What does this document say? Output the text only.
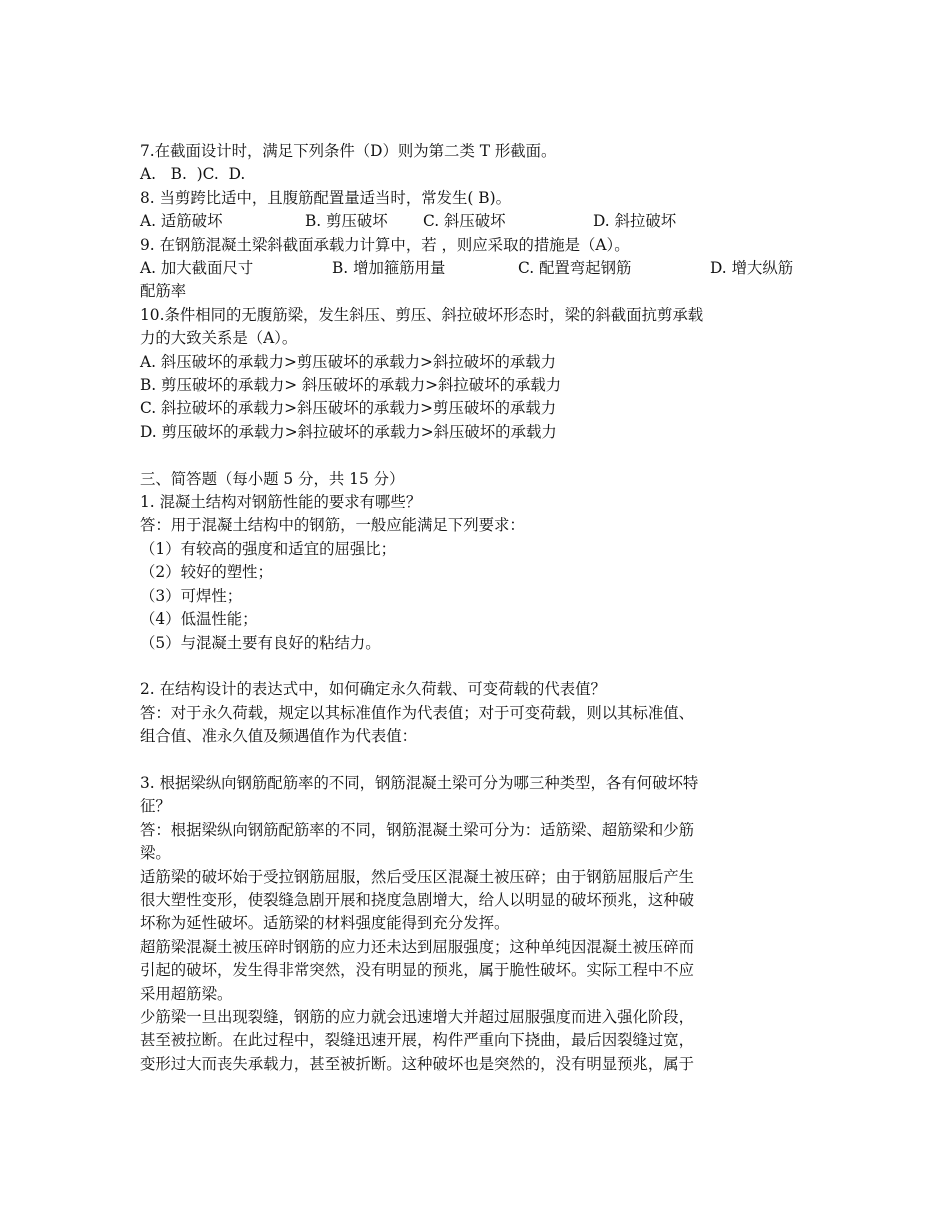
7.在截面设计时，满足下列条件（D）则为第二类 T 形截面。

A.   B.  )C.  D.

8. 当剪跨比适中，且腹筋配置量适当时，常发生( B)。

A. 适筋破坏	B. 剪压破坏	C. 斜压破坏	D. 斜拉破坏

9. 在钢筋混凝土梁斜截面承载力计算中，若 ，则应采取的措施是（A）。

A. 加大截面尺寸	B. 增加箍筋用量	C. 配置弯起钢筋	D. 增大纵筋

配筋率

10.条件相同的无腹筋梁，发生斜压、剪压、斜拉破坏形态时，梁的斜截面抗剪承载

力的大致关系是（A）。

A. 斜压破坏的承载力>剪压破坏的承载力>斜拉破坏的承载力

B. 剪压破坏的承载力> 斜压破坏的承载力>斜拉破坏的承载力

C. 斜拉破坏的承载力>斜压破坏的承载力>剪压破坏的承载力

D. 剪压破坏的承载力>斜拉破坏的承载力>斜压破坏的承载力

三、简答题（每小题 5 分，共 15 分）

1. 混凝土结构对钢筋性能的要求有哪些？

答：用于混凝土结构中的钢筋，一般应能满足下列要求：

（1）有较高的强度和适宜的屈强比；

（2）较好的塑性；

（3）可焊性；

（4）低温性能；

（5）与混凝土要有良好的粘结力。

2. 在结构设计的表达式中，如何确定永久荷载、可变荷载的代表值？

答：对于永久荷载，规定以其标准值作为代表值；对于可变荷载，则以其标准值、

组合值、准永久值及频遇值作为代表值：

3. 根据梁纵向钢筋配筋率的不同，钢筋混凝土梁可分为哪三种类型，各有何破坏特

征？

答：根据梁纵向钢筋配筋率的不同，钢筋混凝土梁可分为：适筋梁、超筋梁和少筋

梁。

适筋梁的破坏始于受拉钢筋屈服，然后受压区混凝土被压碎；由于钢筋屈服后产生

很大塑性变形，使裂缝急剧开展和挠度急剧增大，给人以明显的破坏预兆，这种破

坏称为延性破坏。适筋梁的材料强度能得到充分发挥。

超筋梁混凝土被压碎时钢筋的应力还未达到屈服强度；这种单纯因混凝土被压碎而

引起的破坏，发生得非常突然，没有明显的预兆，属于脆性破坏。实际工程中不应

采用超筋梁。

少筋梁一旦出现裂缝，钢筋的应力就会迅速增大并超过屈服强度而进入强化阶段，

甚至被拉断。在此过程中，裂缝迅速开展，构件严重向下挠曲，最后因裂缝过宽，

变形过大而丧失承载力，甚至被折断。这种破坏也是突然的，没有明显预兆，属于
